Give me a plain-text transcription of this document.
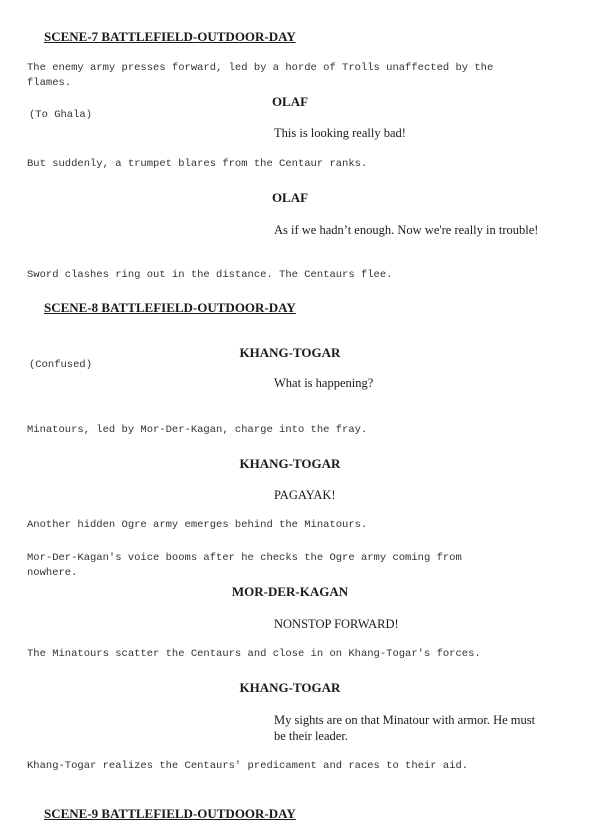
SCENE-7 BATTLEFIELD-OUTDOOR-DAY
The enemy army presses forward, led by a horde of Trolls unaffected by the flames.
OLAF
(To Ghala)
This is looking really bad!
But suddenly, a trumpet blares from the Centaur ranks.
OLAF
As if we hadn’t enough. Now we're really in trouble!
Sword clashes ring out in the distance. The Centaurs flee.
SCENE-8 BATTLEFIELD-OUTDOOR-DAY
KHANG-TOGAR
(Confused)
What is happening?
Minatours, led by Mor-Der-Kagan, charge into the fray.
KHANG-TOGAR
PAGAYAK!
Another hidden Ogre army emerges behind the Minatours.
Mor-Der-Kagan's voice booms after he checks the Ogre army coming from nowhere.
MOR-DER-KAGAN
NONSTOP FORWARD!
The Minatours scatter the Centaurs and close in on Khang-Togar's forces.
KHANG-TOGAR
My sights are on that Minatour with armor. He must be their leader.
Khang-Togar realizes the Centaurs' predicament and races to their aid.
SCENE-9 BATTLEFIELD-OUTDOOR-DAY
